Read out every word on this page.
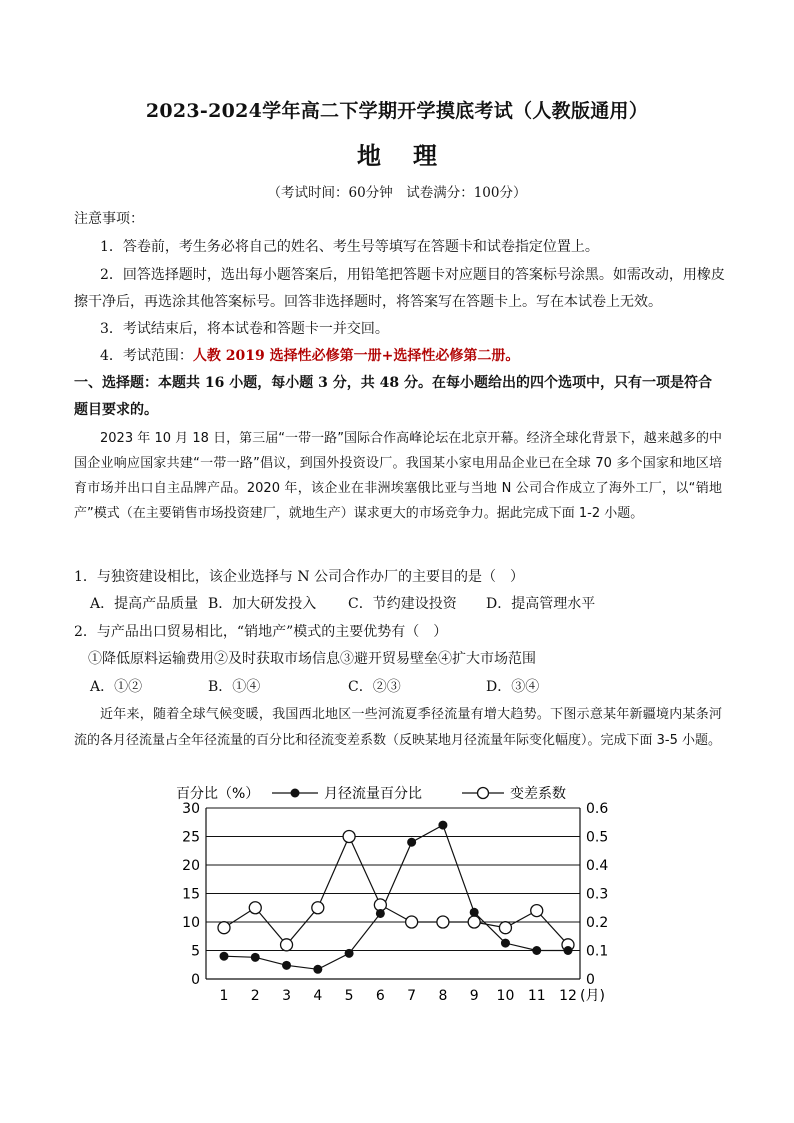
2023-2024学年高二下学期开学摸底考试（人教版通用）
地 理
（考试时间：60分钟　试卷满分：100分）
注意事项：
1．答卷前，考生务必将自己的姓名、考生号等填写在答题卡和试卷指定位置上。
2．回答选择题时，选出每小题答案后，用铅笔把答题卡对应题目的答案标号涂黑。如需改动，用橡皮
擦干净后，再选涂其他答案标号。回答非选择题时，将答案写在答题卡上。写在本试卷上无效。
3．考试结束后，将本试卷和答题卡一并交回。
4．考试范围：人教 2019 选择性必修第一册+选择性必修第二册。
一、选择题：本题共 16 小题，每小题 3 分，共 48 分。在每小题给出的四个选项中，只有一项是符合
题目要求的。

2023 年 10 月 18 日，第三届“一带一路”国际合作高峰论坛在北京开幕。经济全球化背景下，越来越多的中国企业响应国家共建“一带一路”倡议，到国外投资设厂。我国某小家电用品企业已在全球 70 多个国家和地区培育市场并出口自主品牌产品。2020 年，该企业在非洲埃塞俄比亚与当地 N 公司合作成立了海外工厂，以“销地产”模式（在主要销售市场投资建厂，就地生产）谋求更大的市场竞争力。据此完成下面 1-2 小题。

1．与独资建设相比，该企业选择与 N 公司合作办厂的主要目的是（　）
A．提高产品质量 B．加大研发投入 C．节约建设投资 D．提高管理水平
2．与产品出口贸易相比，“销地产”模式的主要优势有（　）
①降低原料运输费用②及时获取市场信息③避开贸易壁垒④扩大市场范围
A．①②	B．①④	C．②③	D．③④

近年来，随着全球气候变暖，我国西北地区一些河流夏季径流量有增大趋势。下图示意某年新疆境内某条河流的各月径流量占全年径流量的百分比和径流变差系数（反映某地月径流量年际变化幅度）。完成下面 3-5 小题。

百分比（%）	月径流量百分比	变差系数
0
5
10
15
20
25
30
0
0.1
0.2
0.3
0.4
0.5
0.6
1 2 3 4 5 6 7 8 9 10 11 12 (月)
